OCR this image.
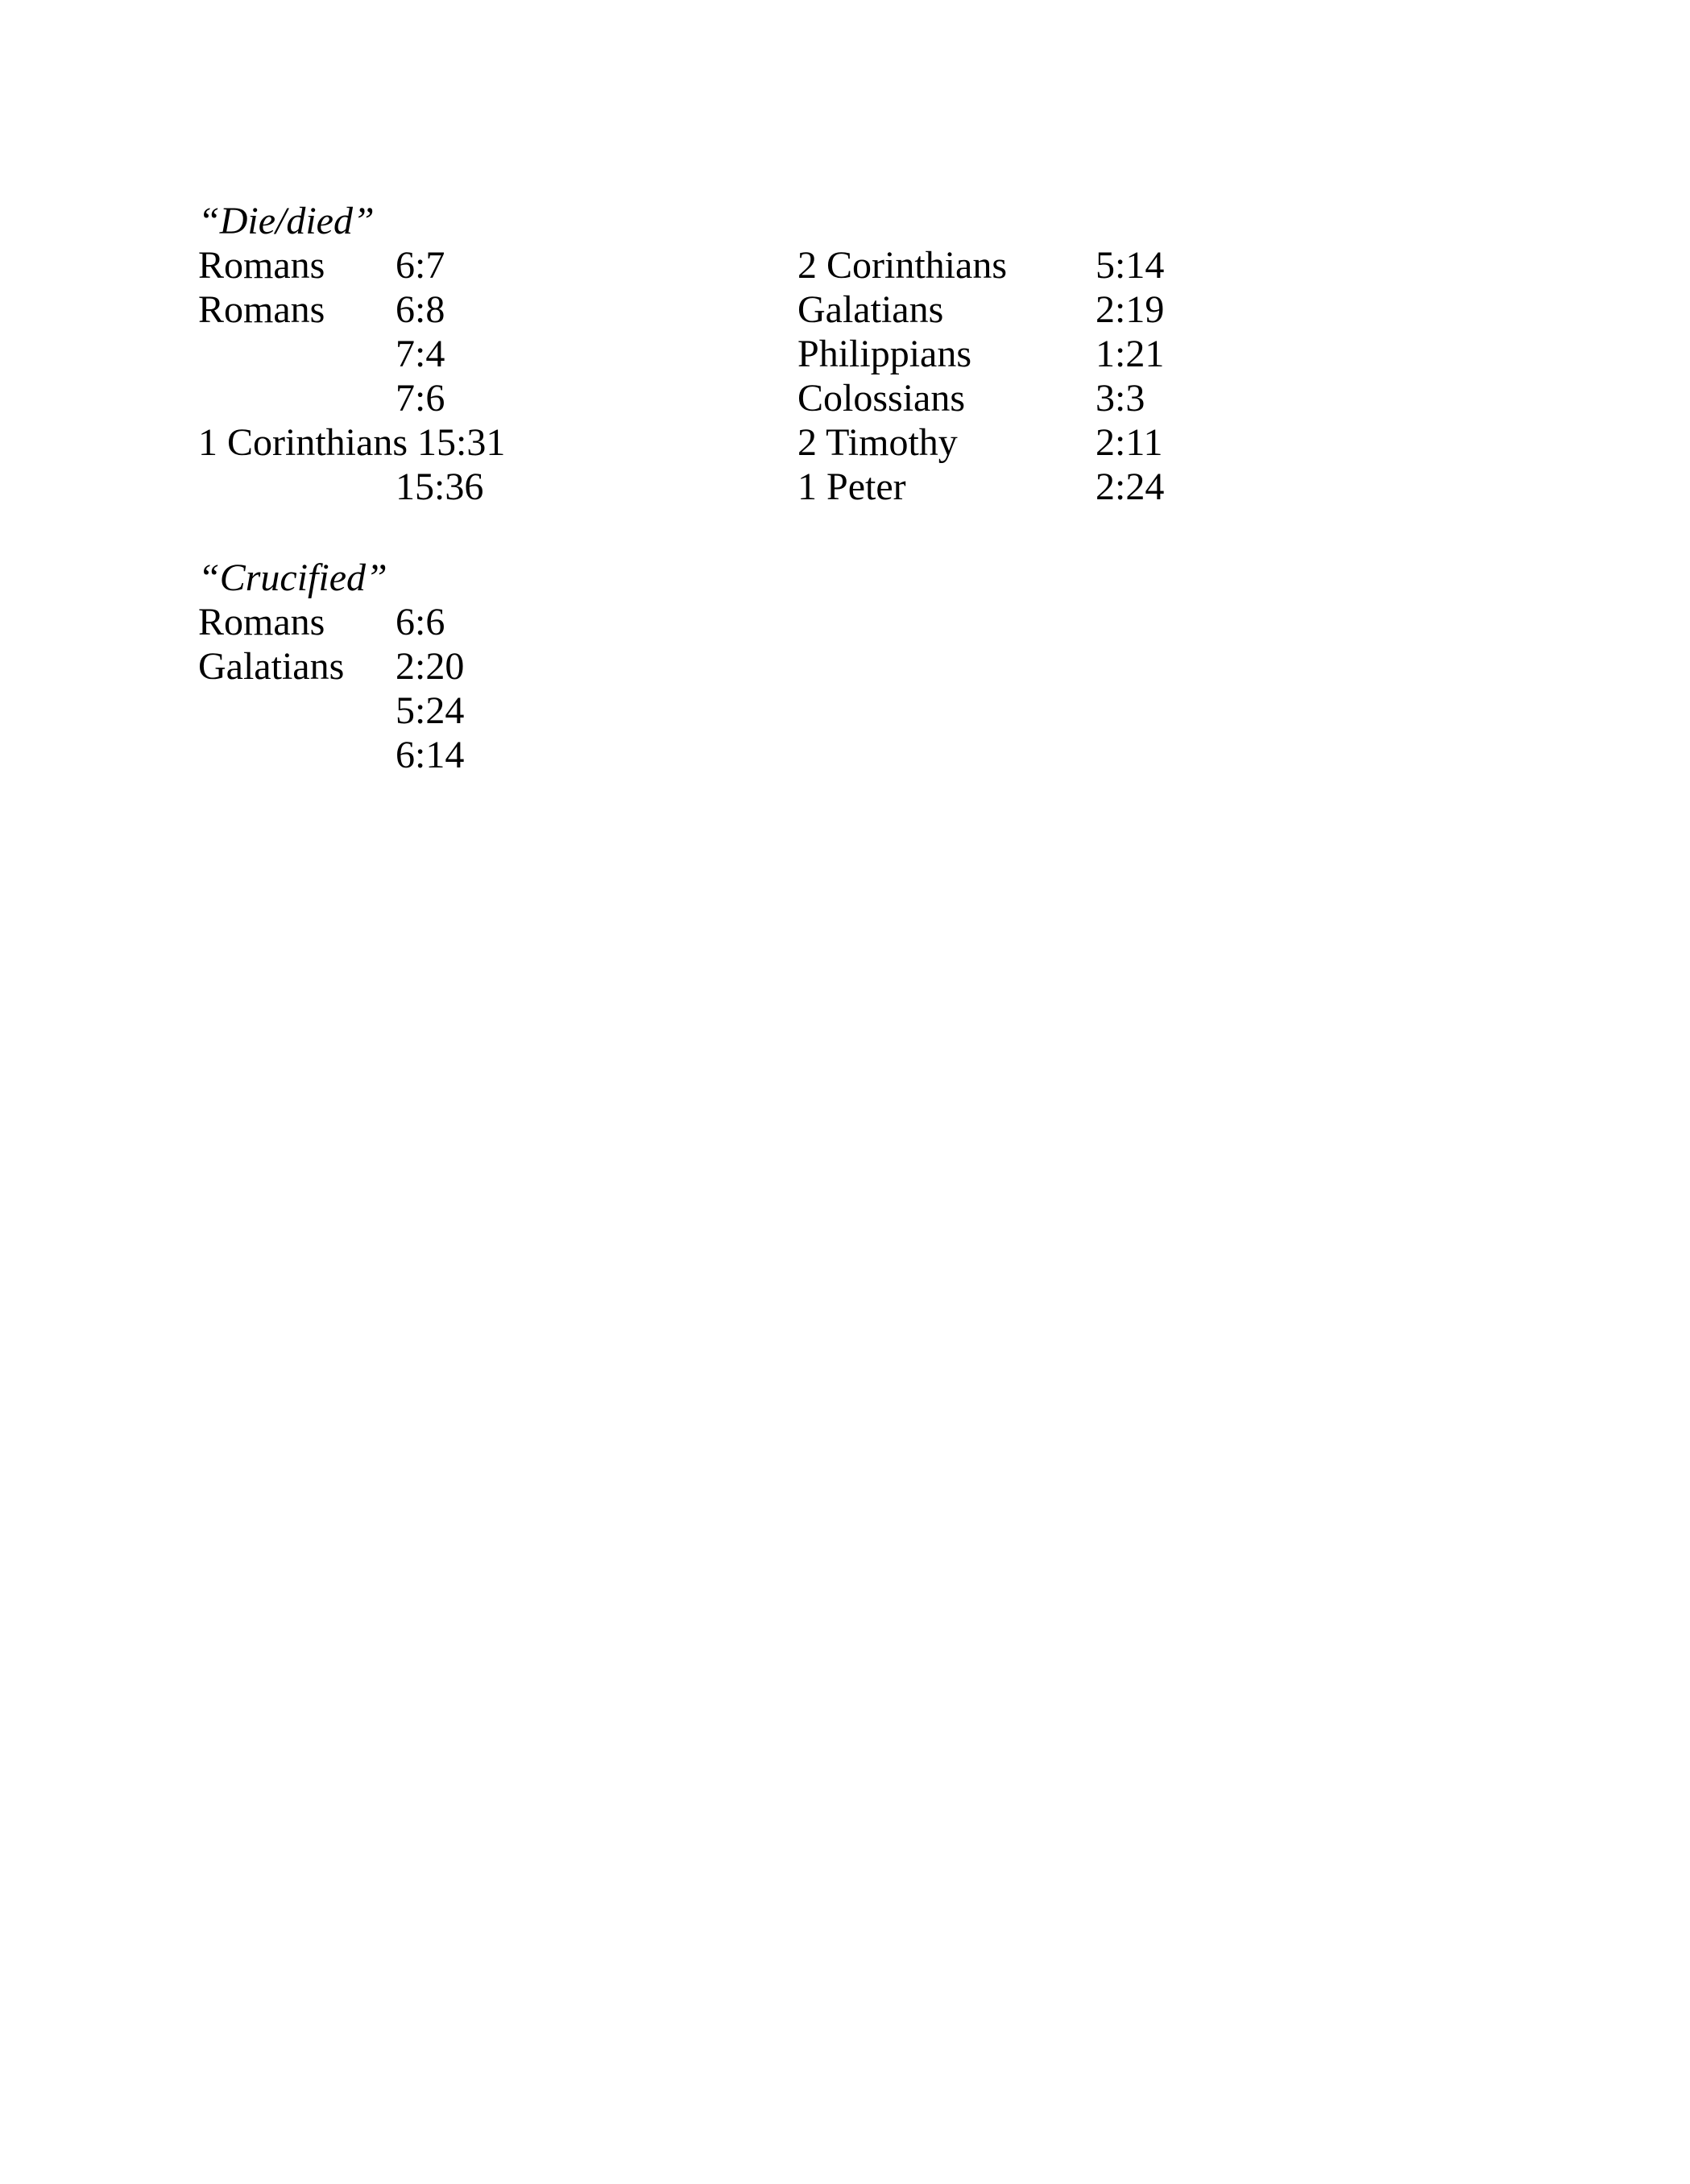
“Die/died”
Romans 6:7
Romans 6:8
7:4
7:6
1 Corinthians 15:31
15:36
2 Corinthians 5:14
Galatians	2:19
Philippians	1:21
Colossians	3:3
2 Timothy	2:11
1 Peter	2:24
“Crucified”
Romans 6:6
Galatians 2:20
5:24
6:14
